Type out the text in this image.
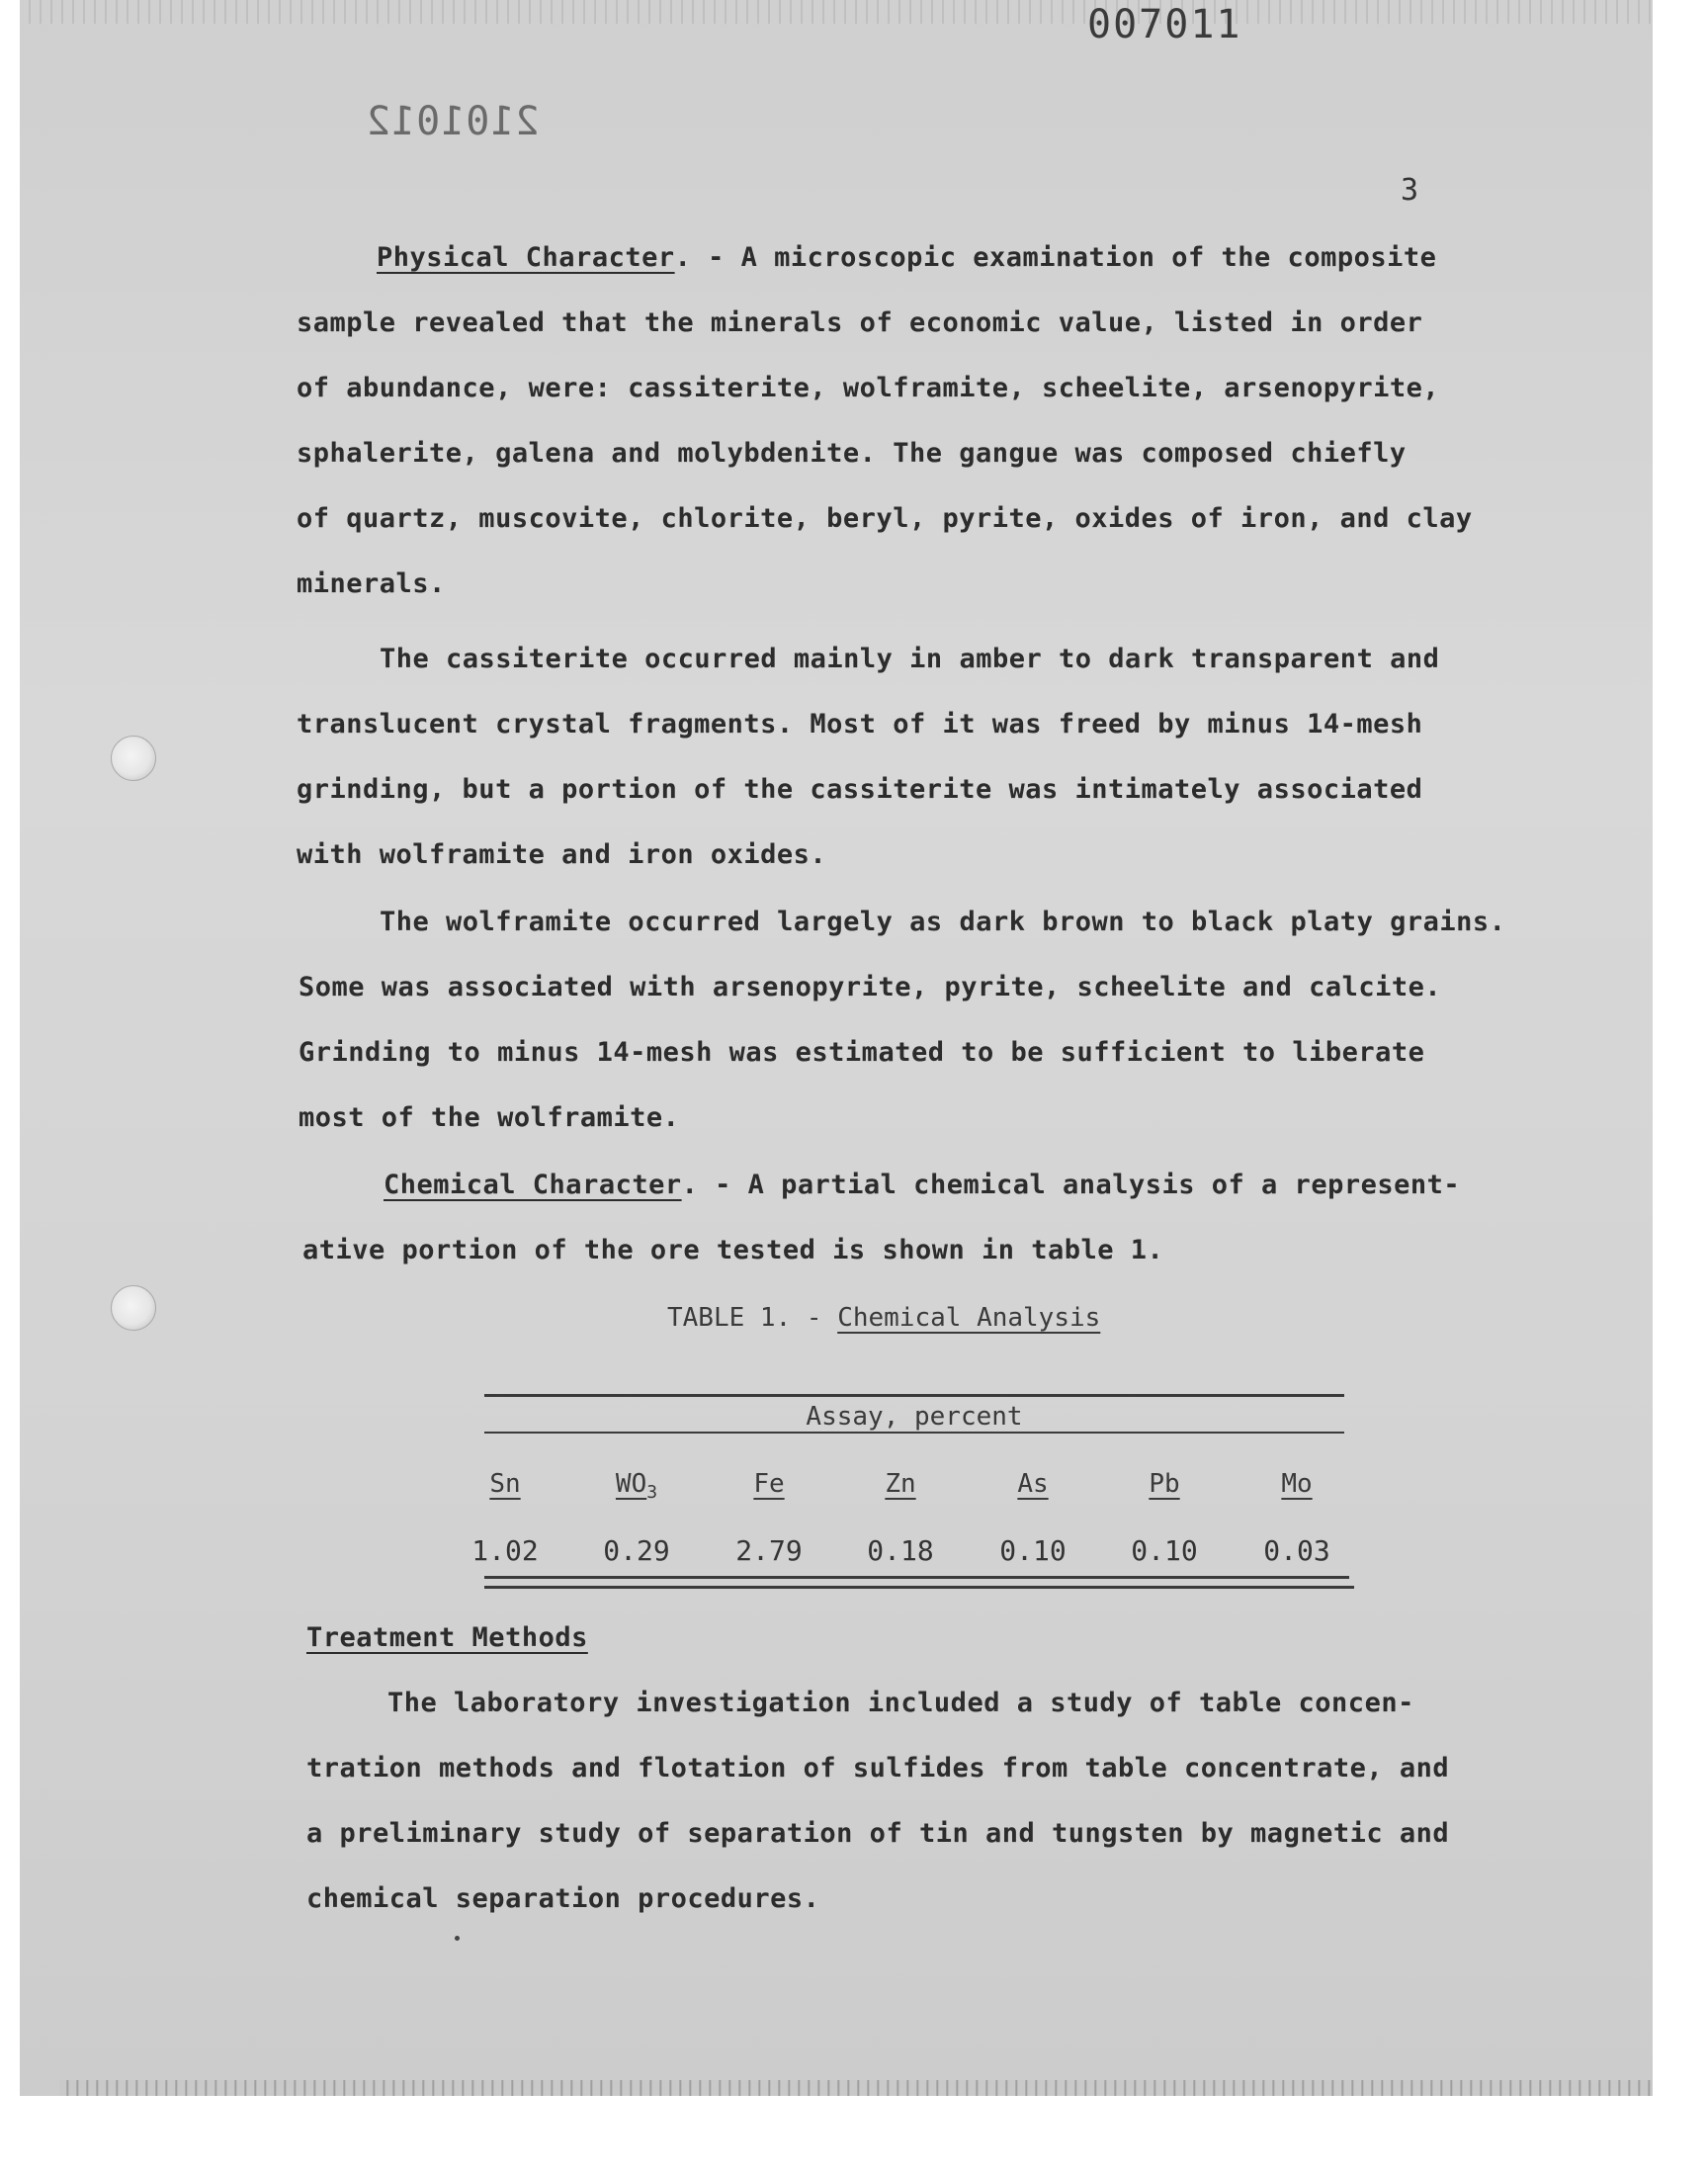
007011
2101012
3
Physical Character. - A microscopic examination of the composite
sample revealed that the minerals of economic value, listed in order
of abundance, were: cassiterite, wolframite, scheelite, arsenopyrite,
sphalerite, galena and molybdenite. The gangue was composed chiefly
of quartz, muscovite, chlorite, beryl, pyrite, oxides of iron, and clay
minerals.
The cassiterite occurred mainly in amber to dark transparent and
translucent crystal fragments. Most of it was freed by minus 14-mesh
grinding, but a portion of the cassiterite was intimately associated
with wolframite and iron oxides.
The wolframite occurred largely as dark brown to black platy grains.
Some was associated with arsenopyrite, pyrite, scheelite and calcite.
Grinding to minus 14-mesh was estimated to be sufficient to liberate
most of the wolframite.
Chemical Character. - A partial chemical analysis of a represent-
ative portion of the ore tested is shown in table 1.
TABLE 1. - Chemical Analysis
Assay, percent
Sn	$WO_3$	Fe	Zn	As	Pb	Mo
1.02	0.29	2.79	0.18	0.10	0.10	0.03
Treatment Methods
The laboratory investigation included a study of table concen-
tration methods and flotation of sulfides from table concentrate, and
a preliminary study of separation of tin and tungsten by magnetic and
chemical separation procedures.
